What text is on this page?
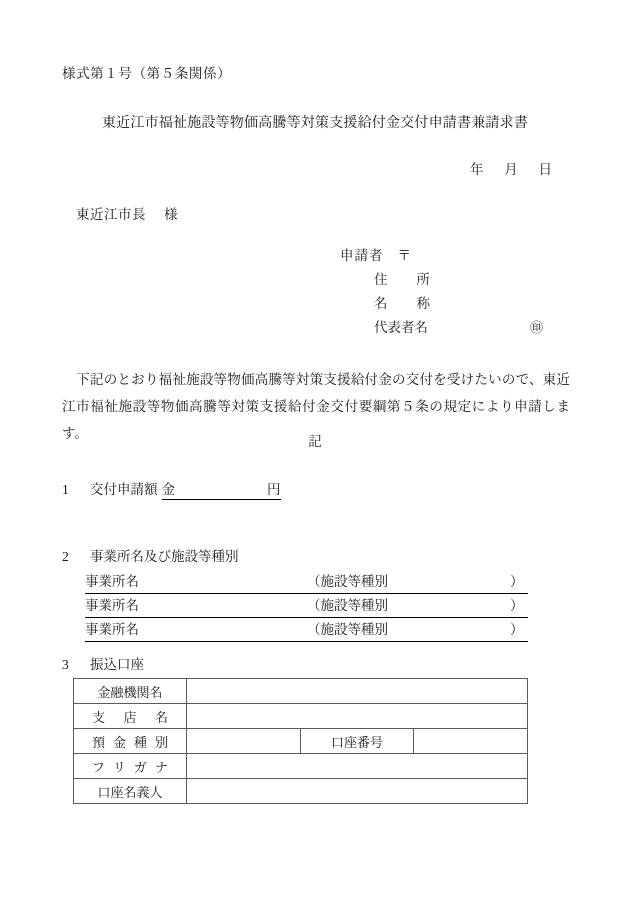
様式第１号（第５条関係）
東近江市福祉施設等物価高騰等対策支援給付金交付申請書兼請求書
年 月 日
東近江市長 様
申請者 〒
住所
名称
代表者名	㊞
下記のとおり福祉施設等物価高騰等対策支援給付金の交付を受けたいので、東近江市福祉施設等物価高騰等対策支援給付金交付要綱第５条の規定により申請します。
記
1 交付申請額 金	円
2 事業所名及び施設等種別
事業所名	（施設等種別	）
事業所名	（施設等種別	）
事業所名	（施設等種別	）
3 振込口座
金融機関名			
支店名			
預金種別		口座番号	
フリガナ			
口座名義人			
